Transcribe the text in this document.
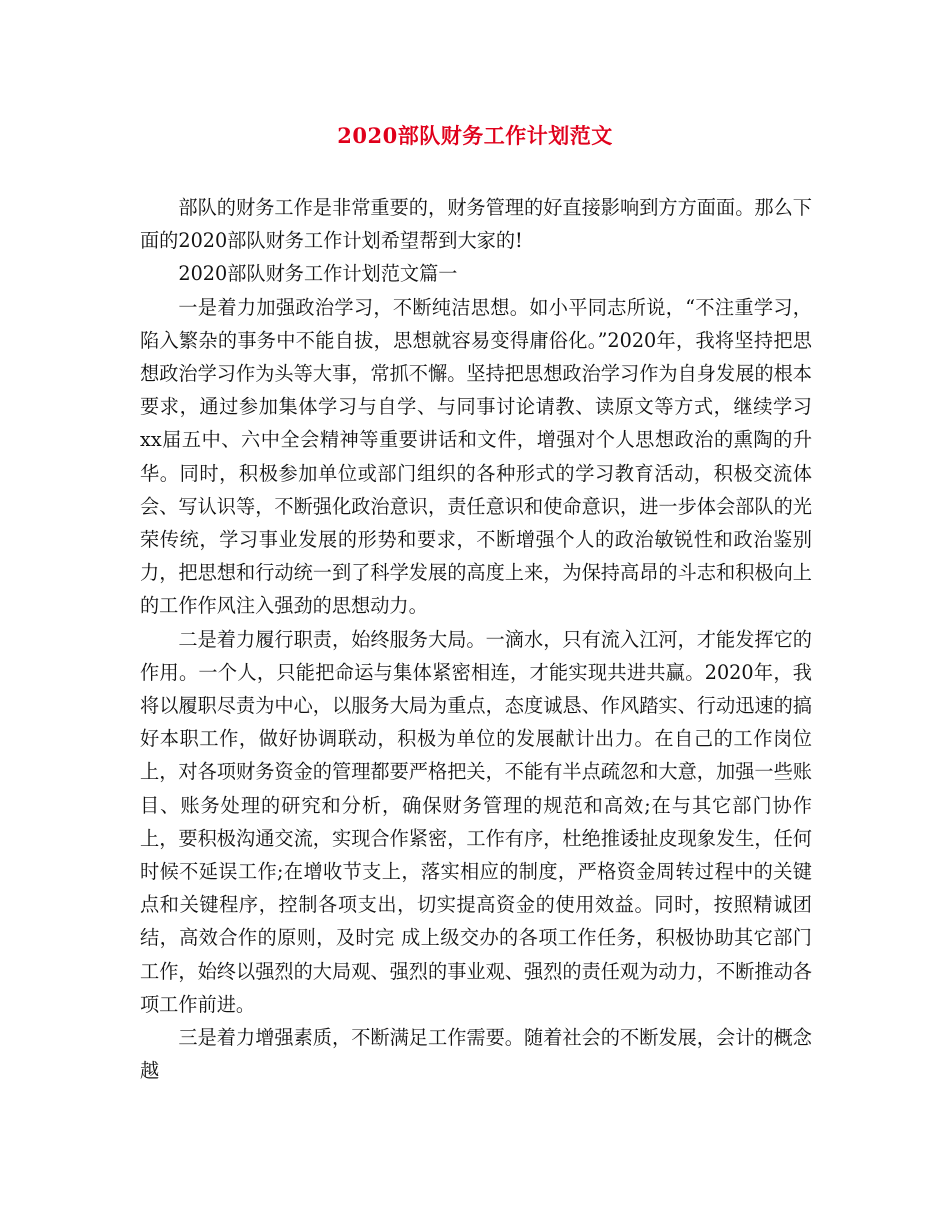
2020部队财务工作计划范文

部队的财务工作是非常重要的，财务管理的好直接影响到方方面面。那么下面的2020部队财务工作计划希望帮到大家的!

2020部队财务工作计划范文篇一

一是着力加强政治学习，不断纯洁思想。如小平同志所说，“不注重学习，陷入繁杂的事务中不能自拔，思想就容易变得庸俗化。”2020年，我将坚持把思想政治学习作为头等大事，常抓不懈。坚持把思想政治学习作为自身发展的根本要求，通过参加集体学习与自学、与同事讨论请教、读原文等方式，继续学习xx届五中、六中全会精神等重要讲话和文件，增强对个人思想政治的熏陶的升华。同时，积极参加单位或部门组织的各种形式的学习教育活动，积极交流体会、写认识等，不断强化政治意识，责任意识和使命意识，进一步体会部队的光荣传统，学习事业发展的形势和要求，不断增强个人的政治敏锐性和政治鉴别力，把思想和行动统一到了科学发展的高度上来，为保持高昂的斗志和积极向上的工作作风注入强劲的思想动力。

二是着力履行职责，始终服务大局。一滴水，只有流入江河，才能发挥它的作用。一个人，只能把命运与集体紧密相连，才能实现共进共赢。2020年，我将以履职尽责为中心，以服务大局为重点，态度诚恳、作风踏实、行动迅速的搞好本职工作，做好协调联动，积极为单位的发展献计出力。在自己的工作岗位上，对各项财务资金的管理都要严格把关，不能有半点疏忽和大意，加强一些账目、账务处理的研究和分析，确保财务管理的规范和高效;在与其它部门协作上，要积极沟通交流，实现合作紧密，工作有序，杜绝推诿扯皮现象发生，任何时候不延误工作;在增收节支上，落实相应的制度，严格资金周转过程中的关键点和关键程序，控制各项支出，切实提高资金的使用效益。同时，按照精诚团结，高效合作的原则，及时完 成上级交办的各项工作任务，积极协助其它部门工作，始终以强烈的大局观、强烈的事业观、强烈的责任观为动力，不断推动各项工作前进。

三是着力增强素质，不断满足工作需要。随着社会的不断发展，会计的概念越
